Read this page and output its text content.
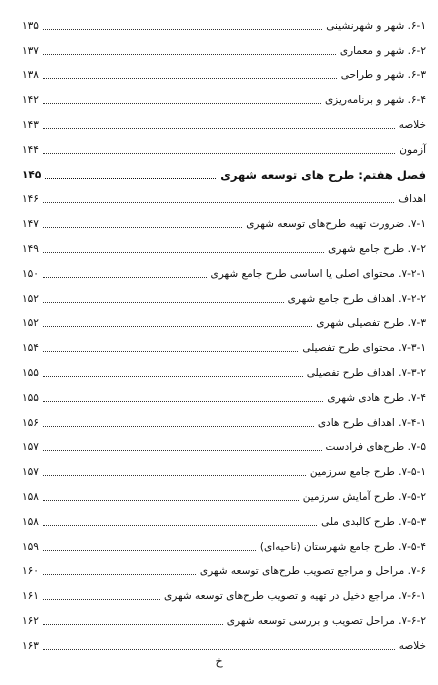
۶-۱. شهر و شهرنشینی
۱۳۵
۶-۲. شهر و معماری
۱۳۷
۶-۳. شهر و طراحی
۱۳۸
۶-۴. شهر و برنامه‌ریزی
۱۴۲
خلاصه
۱۴۳
آزمون
۱۴۴
فصل هفتم: طرح های توسعه شهری
۱۴۵
اهداف
۱۴۶
۷-۱. ضرورت تهیه طرح‌های توسعه شهری
۱۴۷
۷-۲. طرح جامع شهری
۱۴۹
۷-۲-۱. محتوای اصلی یا اساسی طرح جامع شهری
۱۵۰
۷-۲-۲. اهداف طرح جامع شهری
۱۵۲
۷-۳. طرح تفصیلی شهری
۱۵۲
۷-۳-۱. محتوای طرح تفصیلی
۱۵۴
۷-۳-۲. اهداف طرح تفصیلی
۱۵۵
۷-۴. طرح هادی شهری
۱۵۵
۷-۴-۱. اهداف طرح هادی
۱۵۶
۷-۵. طرح‌های فرادست
۱۵۷
۷-۵-۱. طرح جامع سرزمین
۱۵۷
۷-۵-۲. طرح آمایش سرزمین
۱۵۸
۷-۵-۳. طرح کالبدی ملی
۱۵۸
۷-۵-۴. طرح جامع شهرستان (ناحیه‌ای)
۱۵۹
۷-۶. مراحل و مراجع تصویب طرح‌های توسعه شهری
۱۶۰
۷-۶-۱. مراجع دخیل در تهیه و تصویب طرح‌های توسعه شهری
۱۶۱
۷-۶-۲. مراحل تصویب و بررسی توسعه شهری
۱۶۲
خلاصه
۱۶۳
خ
